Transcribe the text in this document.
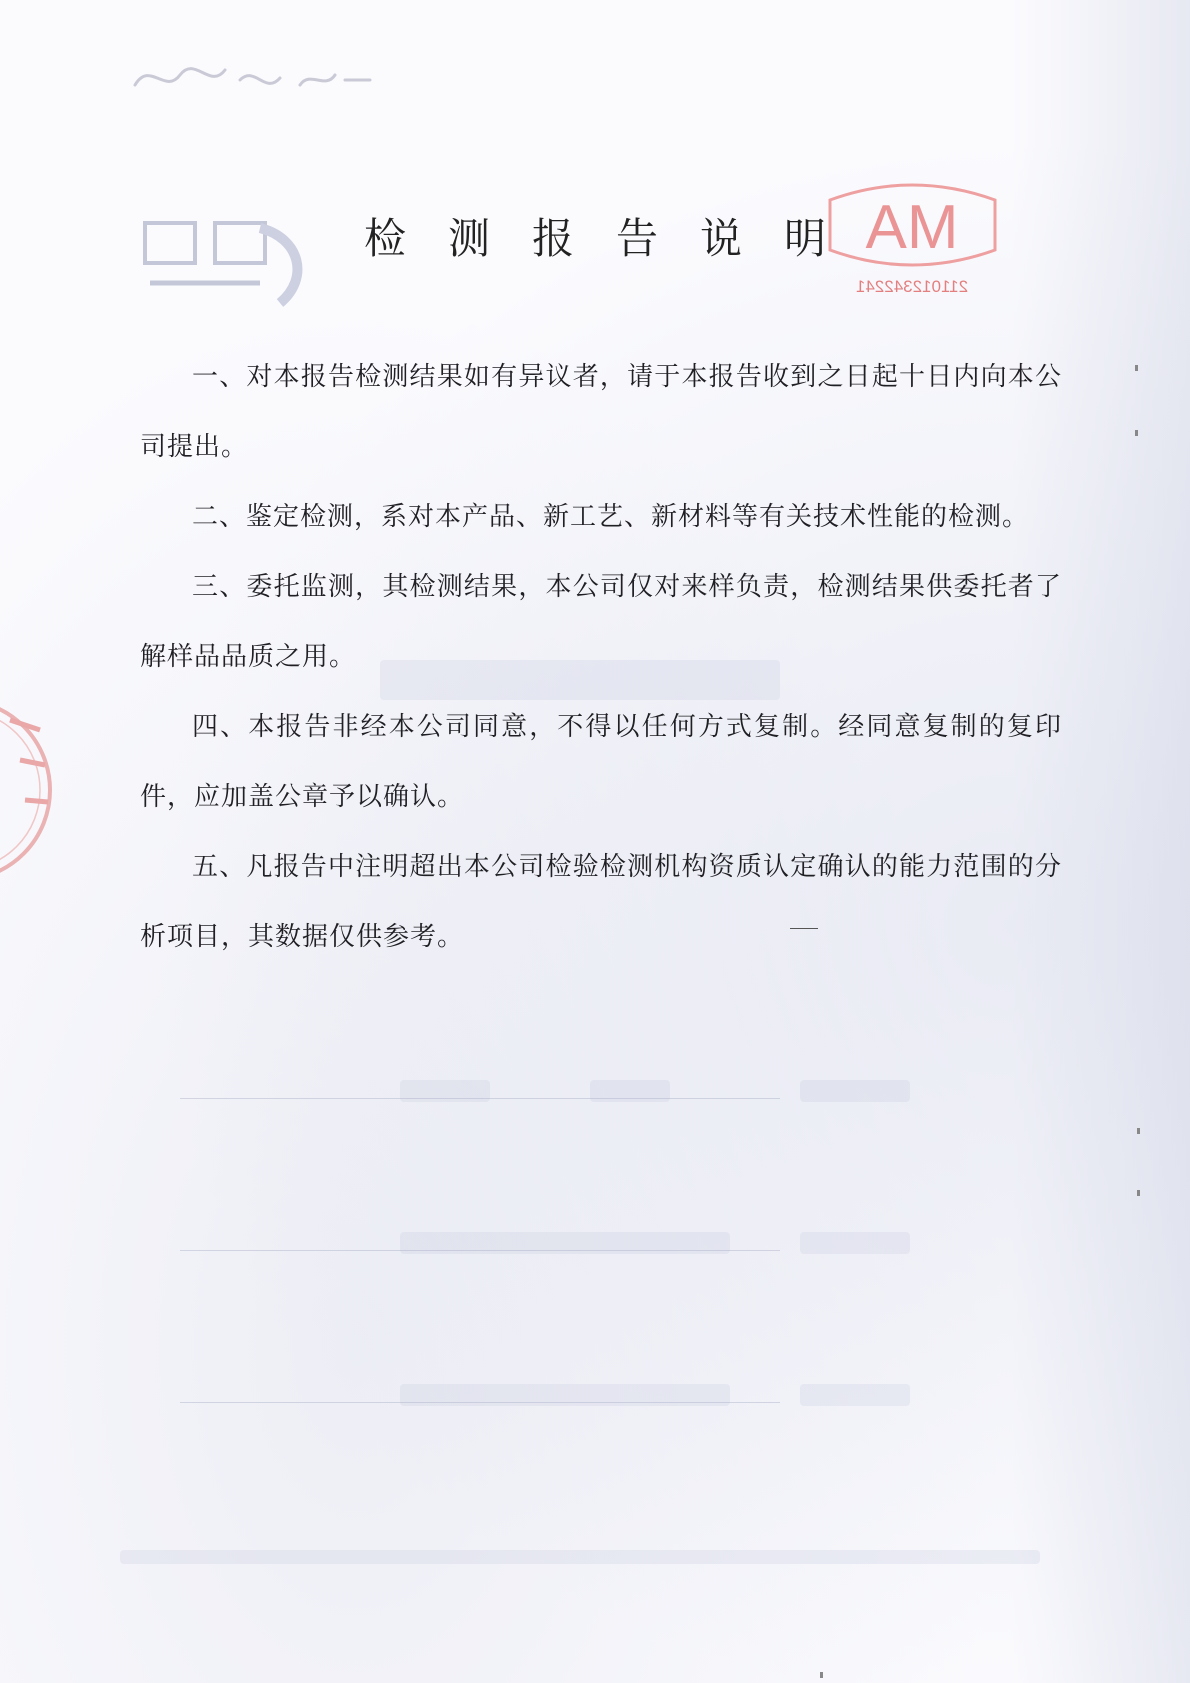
MA
211012342241
检测报告说明

一、对本报告检测结果如有异议者，请于本报告收到之日起十日内向本公司提出。

二、鉴定检测，系对本产品、新工艺、新材料等有关技术性能的检测。

三、委托监测，其检测结果，本公司仅对来样负责，检测结果供委托者了解样品品质之用。

四、本报告非经本公司同意，不得以任何方式复制。经同意复制的复印件，应加盖公章予以确认。

五、凡报告中注明超出本公司检验检测机构资质认定确认的能力范围的分析项目，其数据仅供参考。
